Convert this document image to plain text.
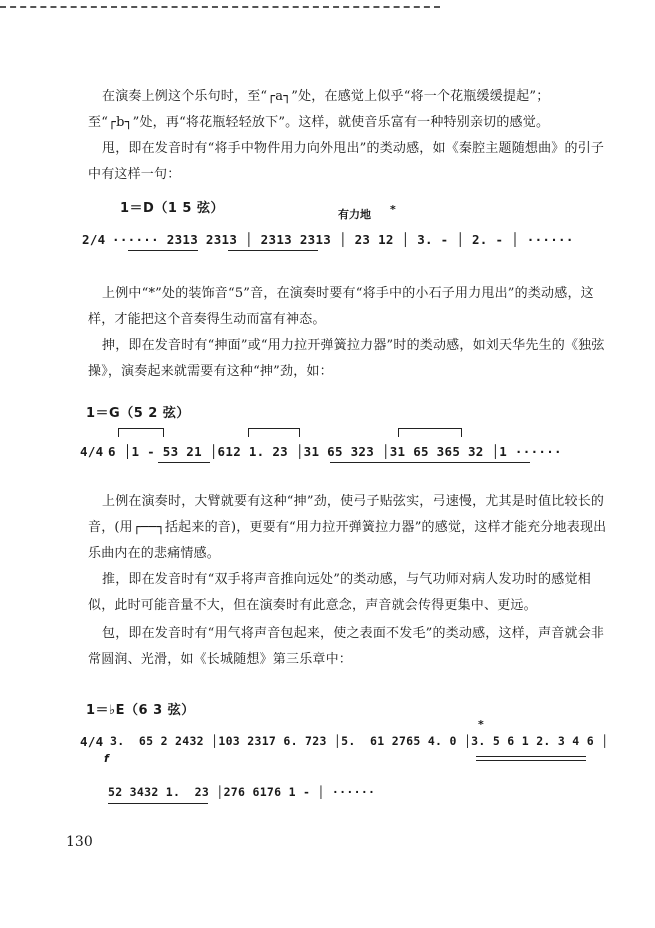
在演奏上例这个乐句时，至“┌a┐”处，在感觉上似乎“将一个花瓶缓缓提起”；至“┌b┐”处，再“将花瓶轻轻放下”。这样，就使音乐富有一种特别亲切的感觉。

甩，即在发音时有“将手中物件用力向外甩出”的类动感，如《秦腔主题随想曲》的引子中有这样一句：

1＝D（1 5 弦）	有力地 *
2/4 ······ 2313 2313 │ 2313 2313 │ 23 12 │ 3. - │ 2. - │ ······

上例中“*”处的装饰音“5”音，在演奏时要有“将手中的小石子用力甩出”的类动感，这样，才能把这个音奏得生动而富有神态。

抻，即在发音时有“抻面”或“用力拉开弹簧拉力器”时的类动感，如刘天华先生的《独弦操》，演奏起来就需要有这种“抻”劲，如：

1＝G（5 2 弦）
4/4 6 │1 - 53 21 │612 1. 23 │31 65 323 │31 65 365 32 │1 ······

上例在演奏时，大臂就要有这种“抻”劲，使弓子贴弦实，弓速慢，尤其是时值比较长的音，(用┌──┐括起来的音)，更要有“用力拉开弹簧拉力器”的感觉，这样才能充分地表现出乐曲内在的悲痛情感。

推，即在发音时有“双手将声音推向远处”的类动感，与气功师对病人发功时的感觉相似，此时可能音量不大，但在演奏时有此意念，声音就会传得更集中、更远。

包，即在发音时有“用气将声音包起来，使之表面不发毛”的类动感，这样，声音就会非常圆润、光滑，如《长城随想》第三乐章中：

1＝♭E（6 3 弦）
*
4/4 3.  65 2 2432 │103 2317 6. 723 │5.  61 2765 4. 0 │3. 5 6 1 2. 3 4 6 │
f
52 3432 1.  23 │276 6176 1 - │ ······
130
